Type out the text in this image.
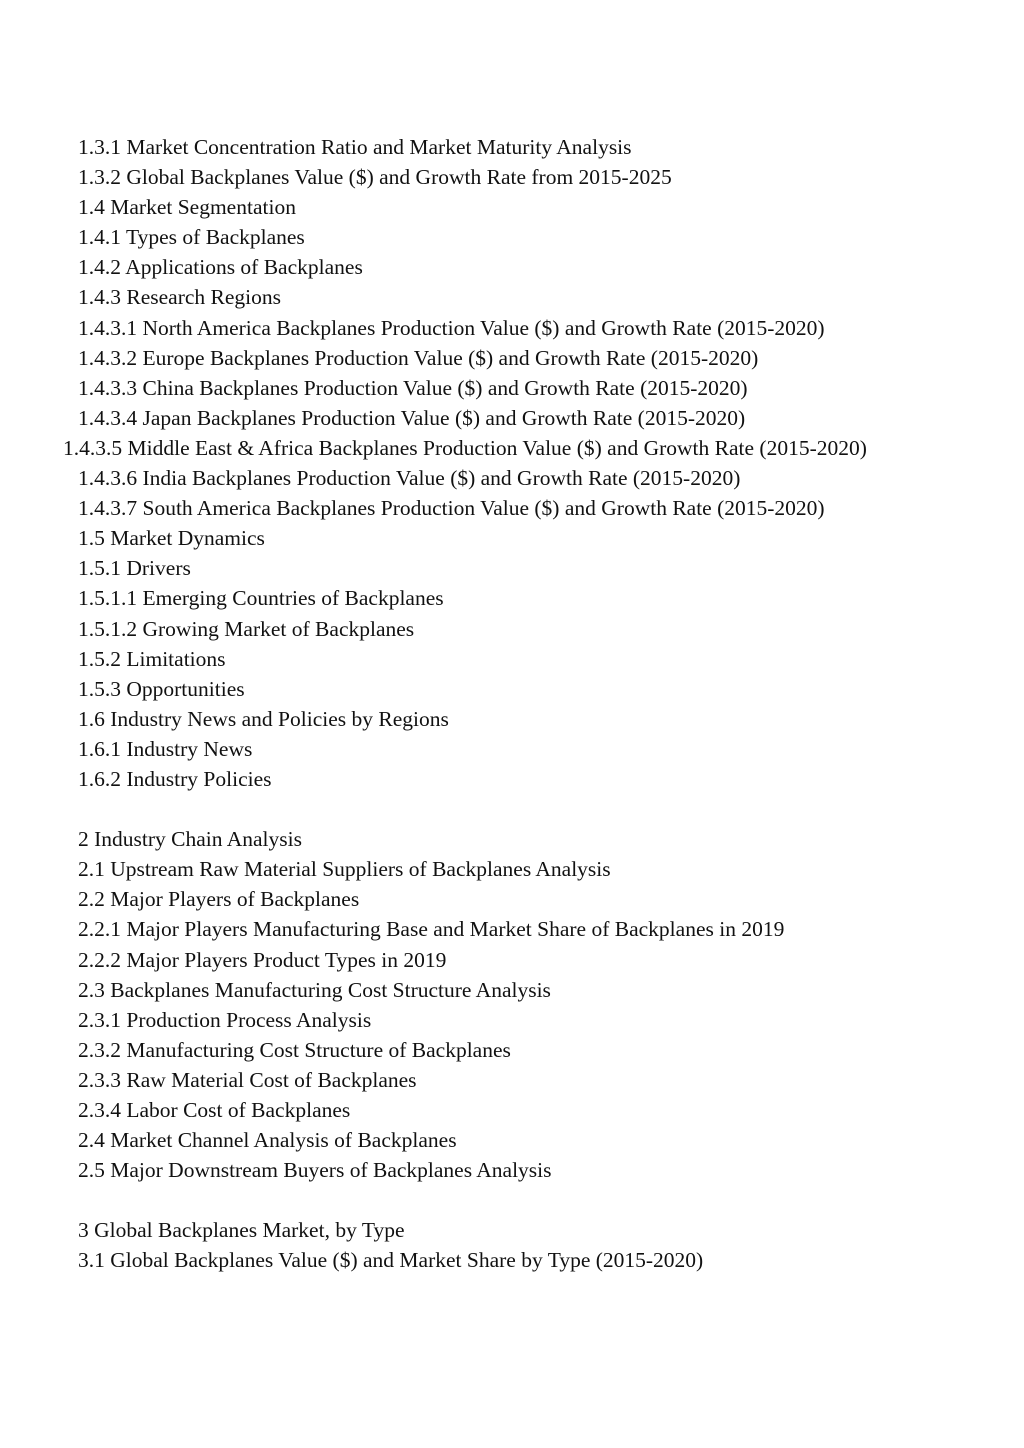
1.3.1 Market Concentration Ratio and Market Maturity Analysis
1.3.2 Global Backplanes Value ($) and Growth Rate from 2015-2025
1.4 Market Segmentation
1.4.1 Types of Backplanes
1.4.2 Applications of Backplanes
1.4.3 Research Regions
1.4.3.1 North America Backplanes Production Value ($) and Growth Rate (2015-2020)
1.4.3.2 Europe Backplanes Production Value ($) and Growth Rate (2015-2020)
1.4.3.3 China Backplanes Production Value ($) and Growth Rate (2015-2020)
1.4.3.4 Japan Backplanes Production Value ($) and Growth Rate (2015-2020)
1.4.3.5 Middle East & Africa Backplanes Production Value ($) and Growth Rate (2015-2020)
1.4.3.6 India Backplanes Production Value ($) and Growth Rate (2015-2020)
1.4.3.7 South America Backplanes Production Value ($) and Growth Rate (2015-2020)
1.5 Market Dynamics
1.5.1 Drivers
1.5.1.1 Emerging Countries of Backplanes
1.5.1.2 Growing Market of Backplanes
1.5.2 Limitations
1.5.3 Opportunities
1.6 Industry News and Policies by Regions
1.6.1 Industry News
1.6.2 Industry Policies
2 Industry Chain Analysis
2.1 Upstream Raw Material Suppliers of Backplanes Analysis
2.2 Major Players of Backplanes
2.2.1 Major Players Manufacturing Base and Market Share of Backplanes in 2019
2.2.2 Major Players Product Types in 2019
2.3 Backplanes Manufacturing Cost Structure Analysis
2.3.1 Production Process Analysis
2.3.2 Manufacturing Cost Structure of Backplanes
2.3.3 Raw Material Cost of Backplanes
2.3.4 Labor Cost of Backplanes
2.4 Market Channel Analysis of Backplanes
2.5 Major Downstream Buyers of Backplanes Analysis
3 Global Backplanes Market, by Type
3.1 Global Backplanes Value ($) and Market Share by Type (2015-2020)
